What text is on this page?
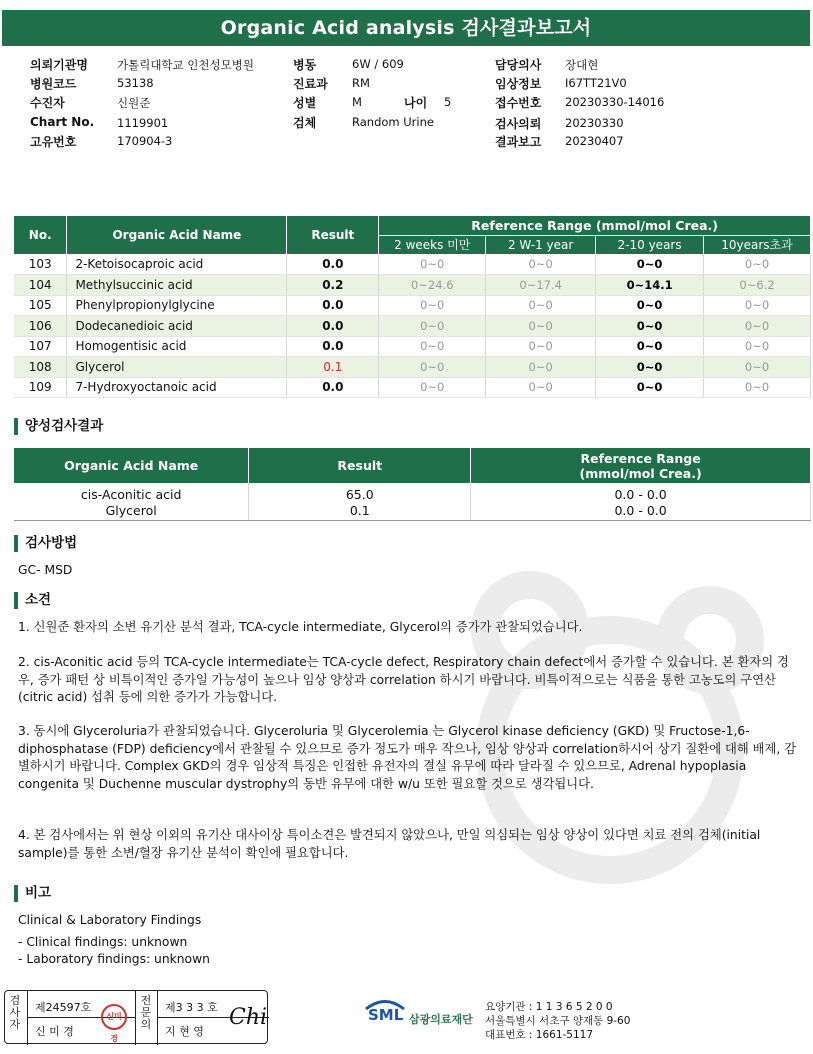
Organic Acid analysis 검사결과보고서
의뢰기관명	가톨릭대학교 인천성모병원
병원코드	53138
수진자	신원준
Chart No. 1119901
고유번호	170904-3
병동	6W / 609
진료과 RM
성별	M	나이 5
검체	Random Urine
담당의사 장대현
임상정보 I67TT21V0
접수번호 20230330-14016
검사의뢰 20230330
결과보고 20230407
No.	Organic Acid Name	Result	Reference Range (mmol/mol Crea.)			
			2 weeks 미만	2 W-1 year	2-10 years	10years초과
103	2-Ketoisocaproic acid	0.0	0~0	0~0	0~0	0~0
104	Methylsuccinic acid	0.2	0~24.6	0~17.4	0~14.1	0~6.2
105	Phenylpropionylglycine	0.0	0~0	0~0	0~0	0~0
106	Dodecanedioic acid	0.0	0~0	0~0	0~0	0~0
107	Homogentisic acid	0.0	0~0	0~0	0~0	0~0
108	Glycerol	0.1	0~0	0~0	0~0	0~0
109	7-Hydroxyoctanoic acid	0.0	0~0	0~0	0~0	0~0
양성검사결과
Organic Acid Name	Result	Reference Range
(mmol/mol Crea.)

cis-Aconitic acid	65.0	0.0 - 0.0
Glycerol	0.1	0.0 - 0.0
검사방법
GC- MSD
소견
1. 신원준 환자의 소변 유기산 분석 결과, TCA-cycle intermediate, Glycerol의 증가가 관찰되었습니다.
2. cis-Aconitic acid 등의 TCA-cycle intermediate는 TCA-cycle defect, Respiratory chain defect에서 증가할 수 있습니다. 본 환자의 경우, 증가 패턴 상 비특이적인 증가일 가능성이 높으나 임상 양상과 correlation 하시기 바랍니다. 비특이적으로는 식품을 통한 고농도의 구연산(citric acid) 섭취 등에 의한 증가가 가능합니다.
3. 동시에 Glyceroluria가 관찰되었습니다. Glyceroluria 및 Glycerolemia 는 Glycerol kinase deficiency (GKD) 및 Fructose-1,6-diphosphatase (FDP) deficiency에서 관찰될 수 있으므로 증가 정도가 매우 작으나, 임상 양상과 correlation하시어 상기 질환에 대해 배제, 감별하시기 바랍니다. Complex GKD의 경우 임상적 특징은 인접한 유전자의 결실 유무에 따라 달라질 수 있으므로, Adrenal hypoplasia congenita 및 Duchenne muscular dystrophy의 동반 유무에 대한 w/u 또한 필요할 것으로 생각됩니다.
4. 본 검사에서는 위 현상 이외의 유기산 대사이상 특이소견은 발견되지 않았으나, 만일 의심되는 임상 양상이 있다면 치료 전의 검체(initial sample)를 통한 소변/혈장 유기산 분석이 확인에 필요합니다.
비고
Clinical & Laboratory Findings
- Clinical findings: unknown
- Laboratory findings: unknown
검사자
제24597호
신 미 경
신미경
전문의
제3 3 3 호
지 현 영
Chi	SML 삼광의료재단
요양기관 : 1 1 3 6 5 2 0 0
서울특별시 서초구 양재동 9-60
대표번호 : 1661-5117
